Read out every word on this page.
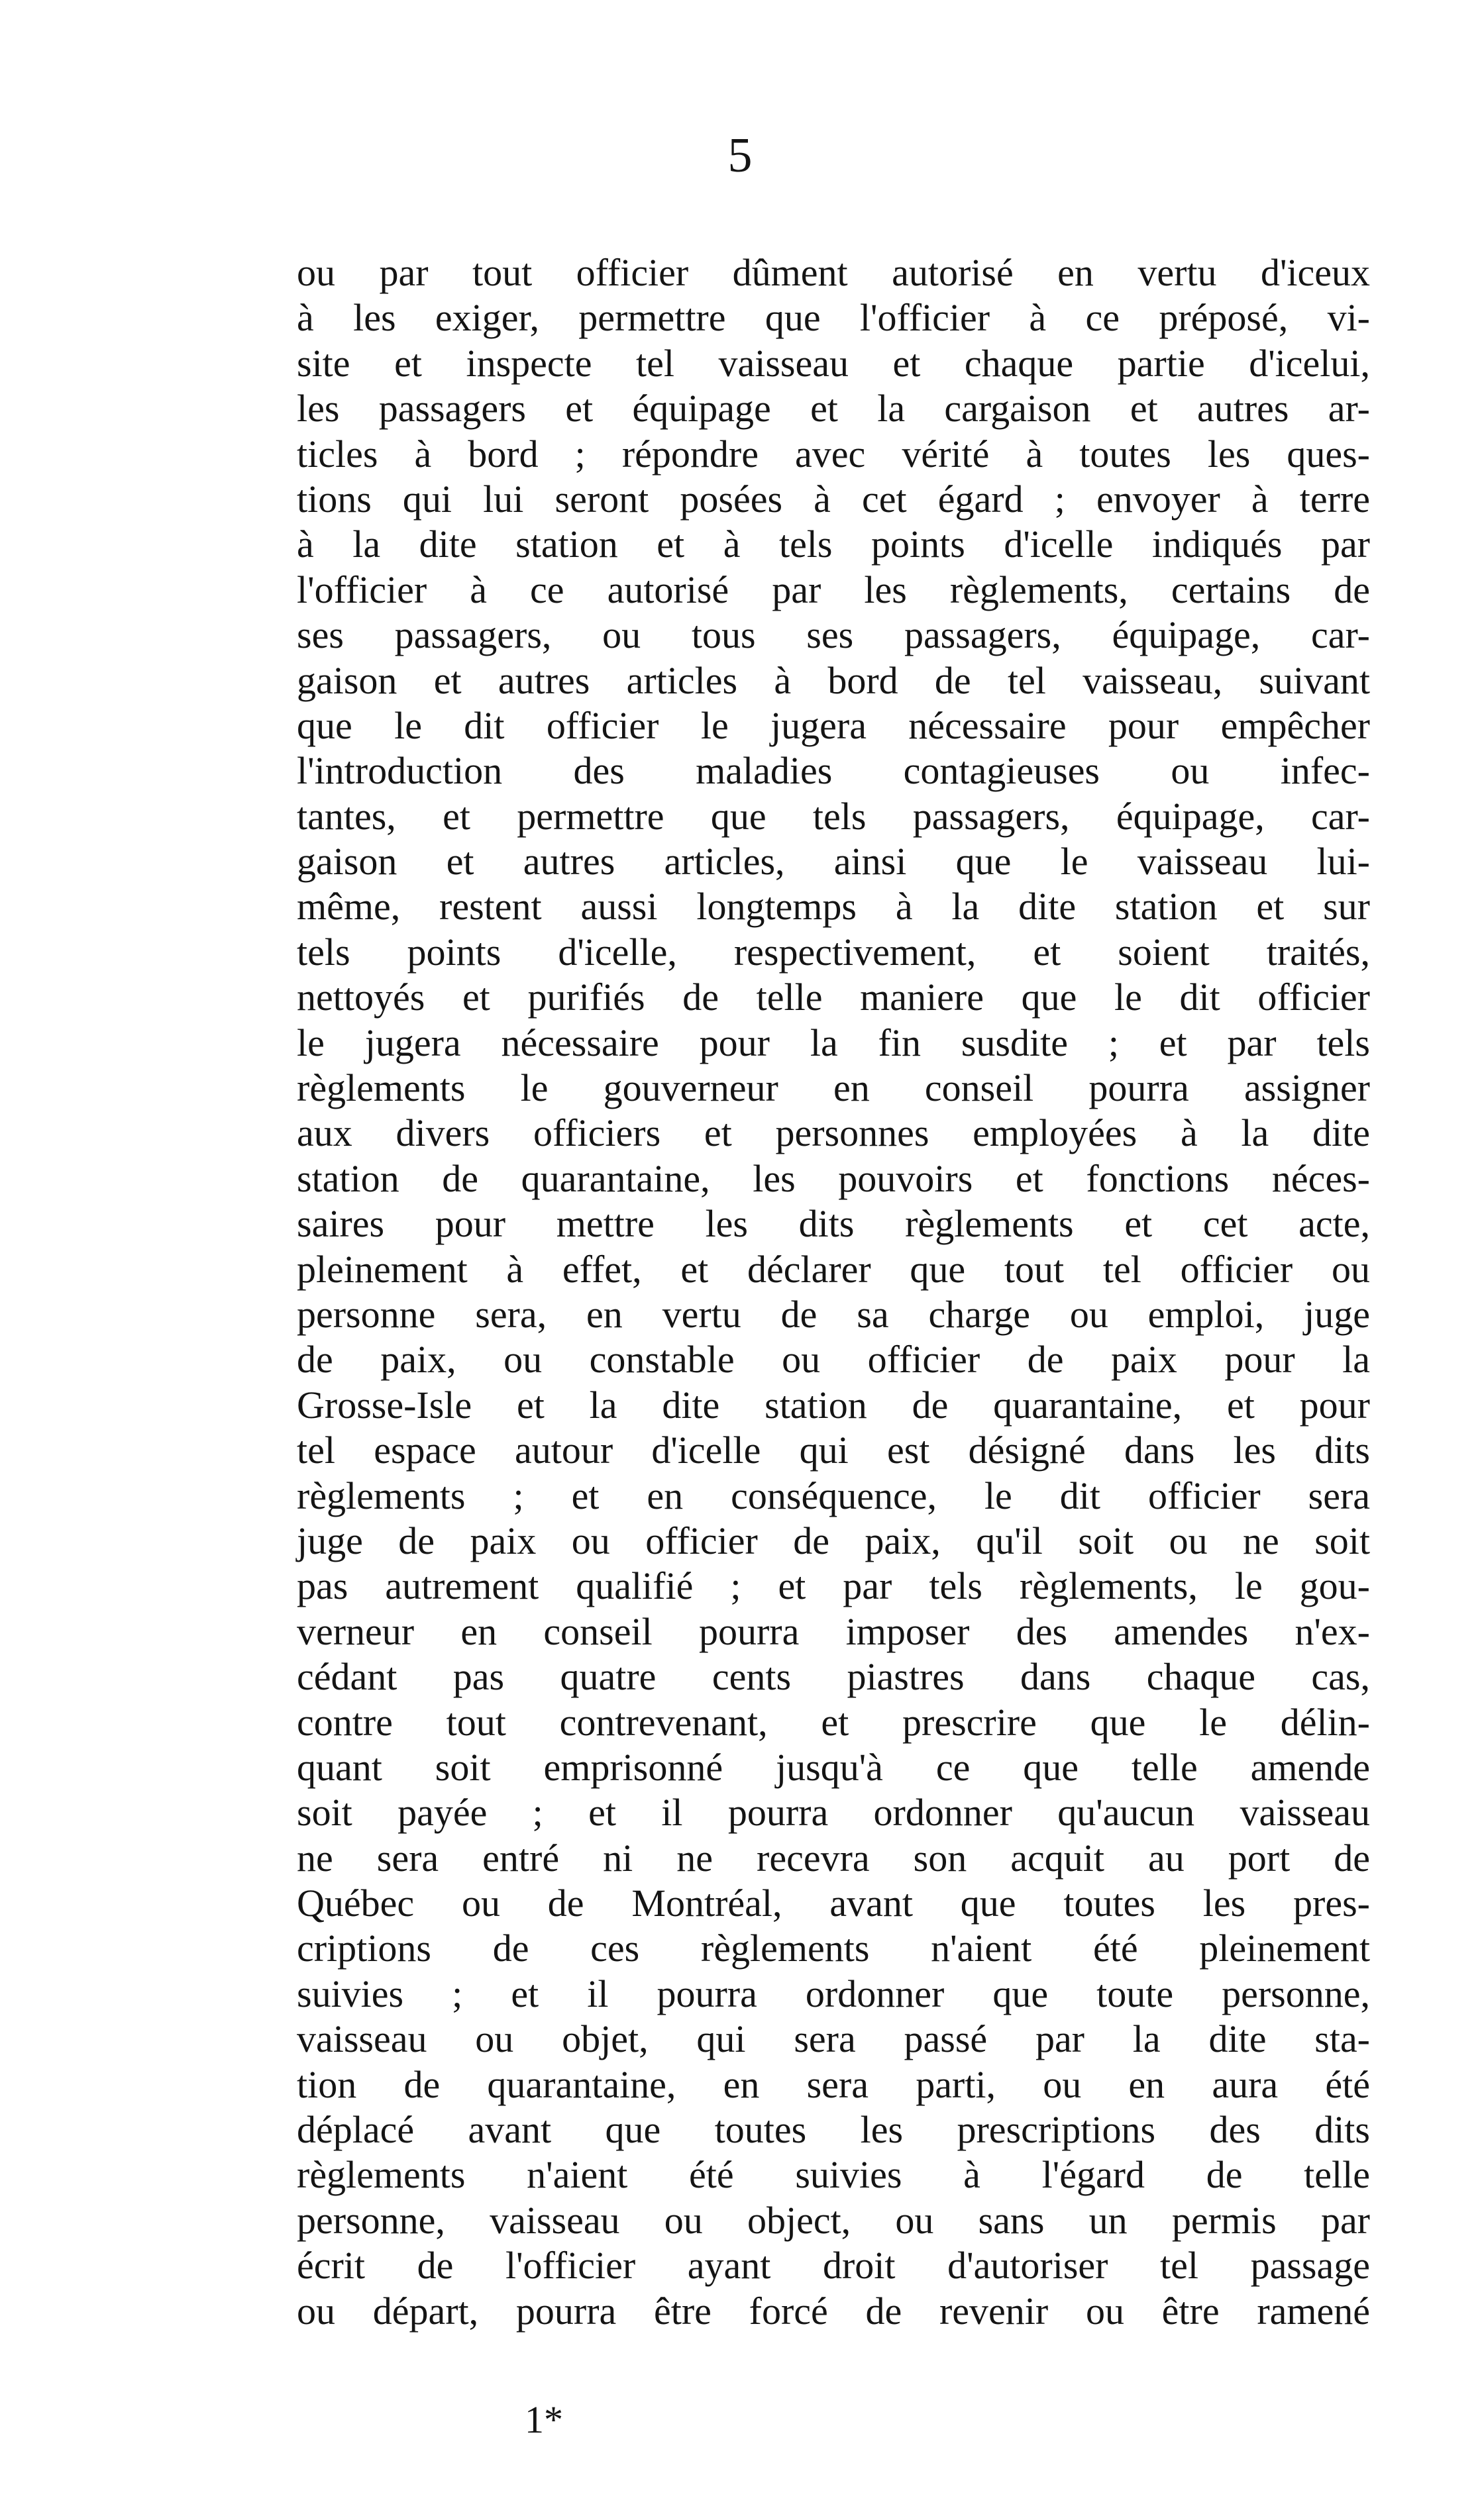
5
ou par tout officier dûment autorisé en vertu d'iceux
à les exiger, permettre que l'officier à ce préposé, vi-
site et inspecte tel vaisseau et chaque partie d'icelui,
les passagers et équipage et la cargaison et autres ar-
ticles à bord ; répondre avec vérité à toutes les ques-
tions qui lui seront posées à cet égard ; envoyer à terre
à la dite station et à tels points d'icelle indiqués par
l'officier à ce autorisé par les règlements, certains de
ses passagers, ou tous ses passagers, équipage, car-
gaison et autres articles à bord de tel vaisseau, suivant
que le dit officier le jugera nécessaire pour empêcher
l'introduction des maladies contagieuses ou infec-
tantes, et permettre que tels passagers, équipage, car-
gaison et autres articles, ainsi que le vaisseau lui-
même, restent aussi longtemps à la dite station et sur
tels points d'icelle, respectivement, et soient traités,
nettoyés et purifiés de telle maniere que le dit officier
le jugera nécessaire pour la fin susdite ; et par tels
règlements le gouverneur en conseil pourra assigner
aux divers officiers et personnes employées à la dite
station de quarantaine, les pouvoirs et fonctions néces-
saires pour mettre les dits règlements et cet acte,
pleinement à effet, et déclarer que tout tel officier ou
personne sera, en vertu de sa charge ou emploi, juge
de paix, ou constable ou officier de paix pour la
Grosse-Isle et la dite station de quarantaine, et pour
tel espace autour d'icelle qui est désigné dans les dits
règlements ; et en conséquence, le dit officier sera
juge de paix ou officier de paix, qu'il soit ou ne soit
pas autrement qualifié ; et par tels règlements, le gou-
verneur en conseil pourra imposer des amendes n'ex-
cédant pas quatre cents piastres dans chaque cas,
contre tout contrevenant, et prescrire que le délin-
quant soit emprisonné jusqu'à ce que telle amende
soit payée ; et il pourra ordonner qu'aucun vaisseau
ne sera entré ni ne recevra son acquit au port de
Québec ou de Montréal, avant que toutes les pres-
criptions de ces règlements n'aient été pleinement
suivies ; et il pourra ordonner que toute personne,
vaisseau ou objet, qui sera passé par la dite sta-
tion de quarantaine, en sera parti, ou en aura été
déplacé avant que toutes les prescriptions des dits
règlements n'aient été suivies à l'égard de telle
personne, vaisseau ou object, ou sans un permis par
écrit de l'officier ayant droit d'autoriser tel passage
ou départ, pourra être forcé de revenir ou être ramené
1*
